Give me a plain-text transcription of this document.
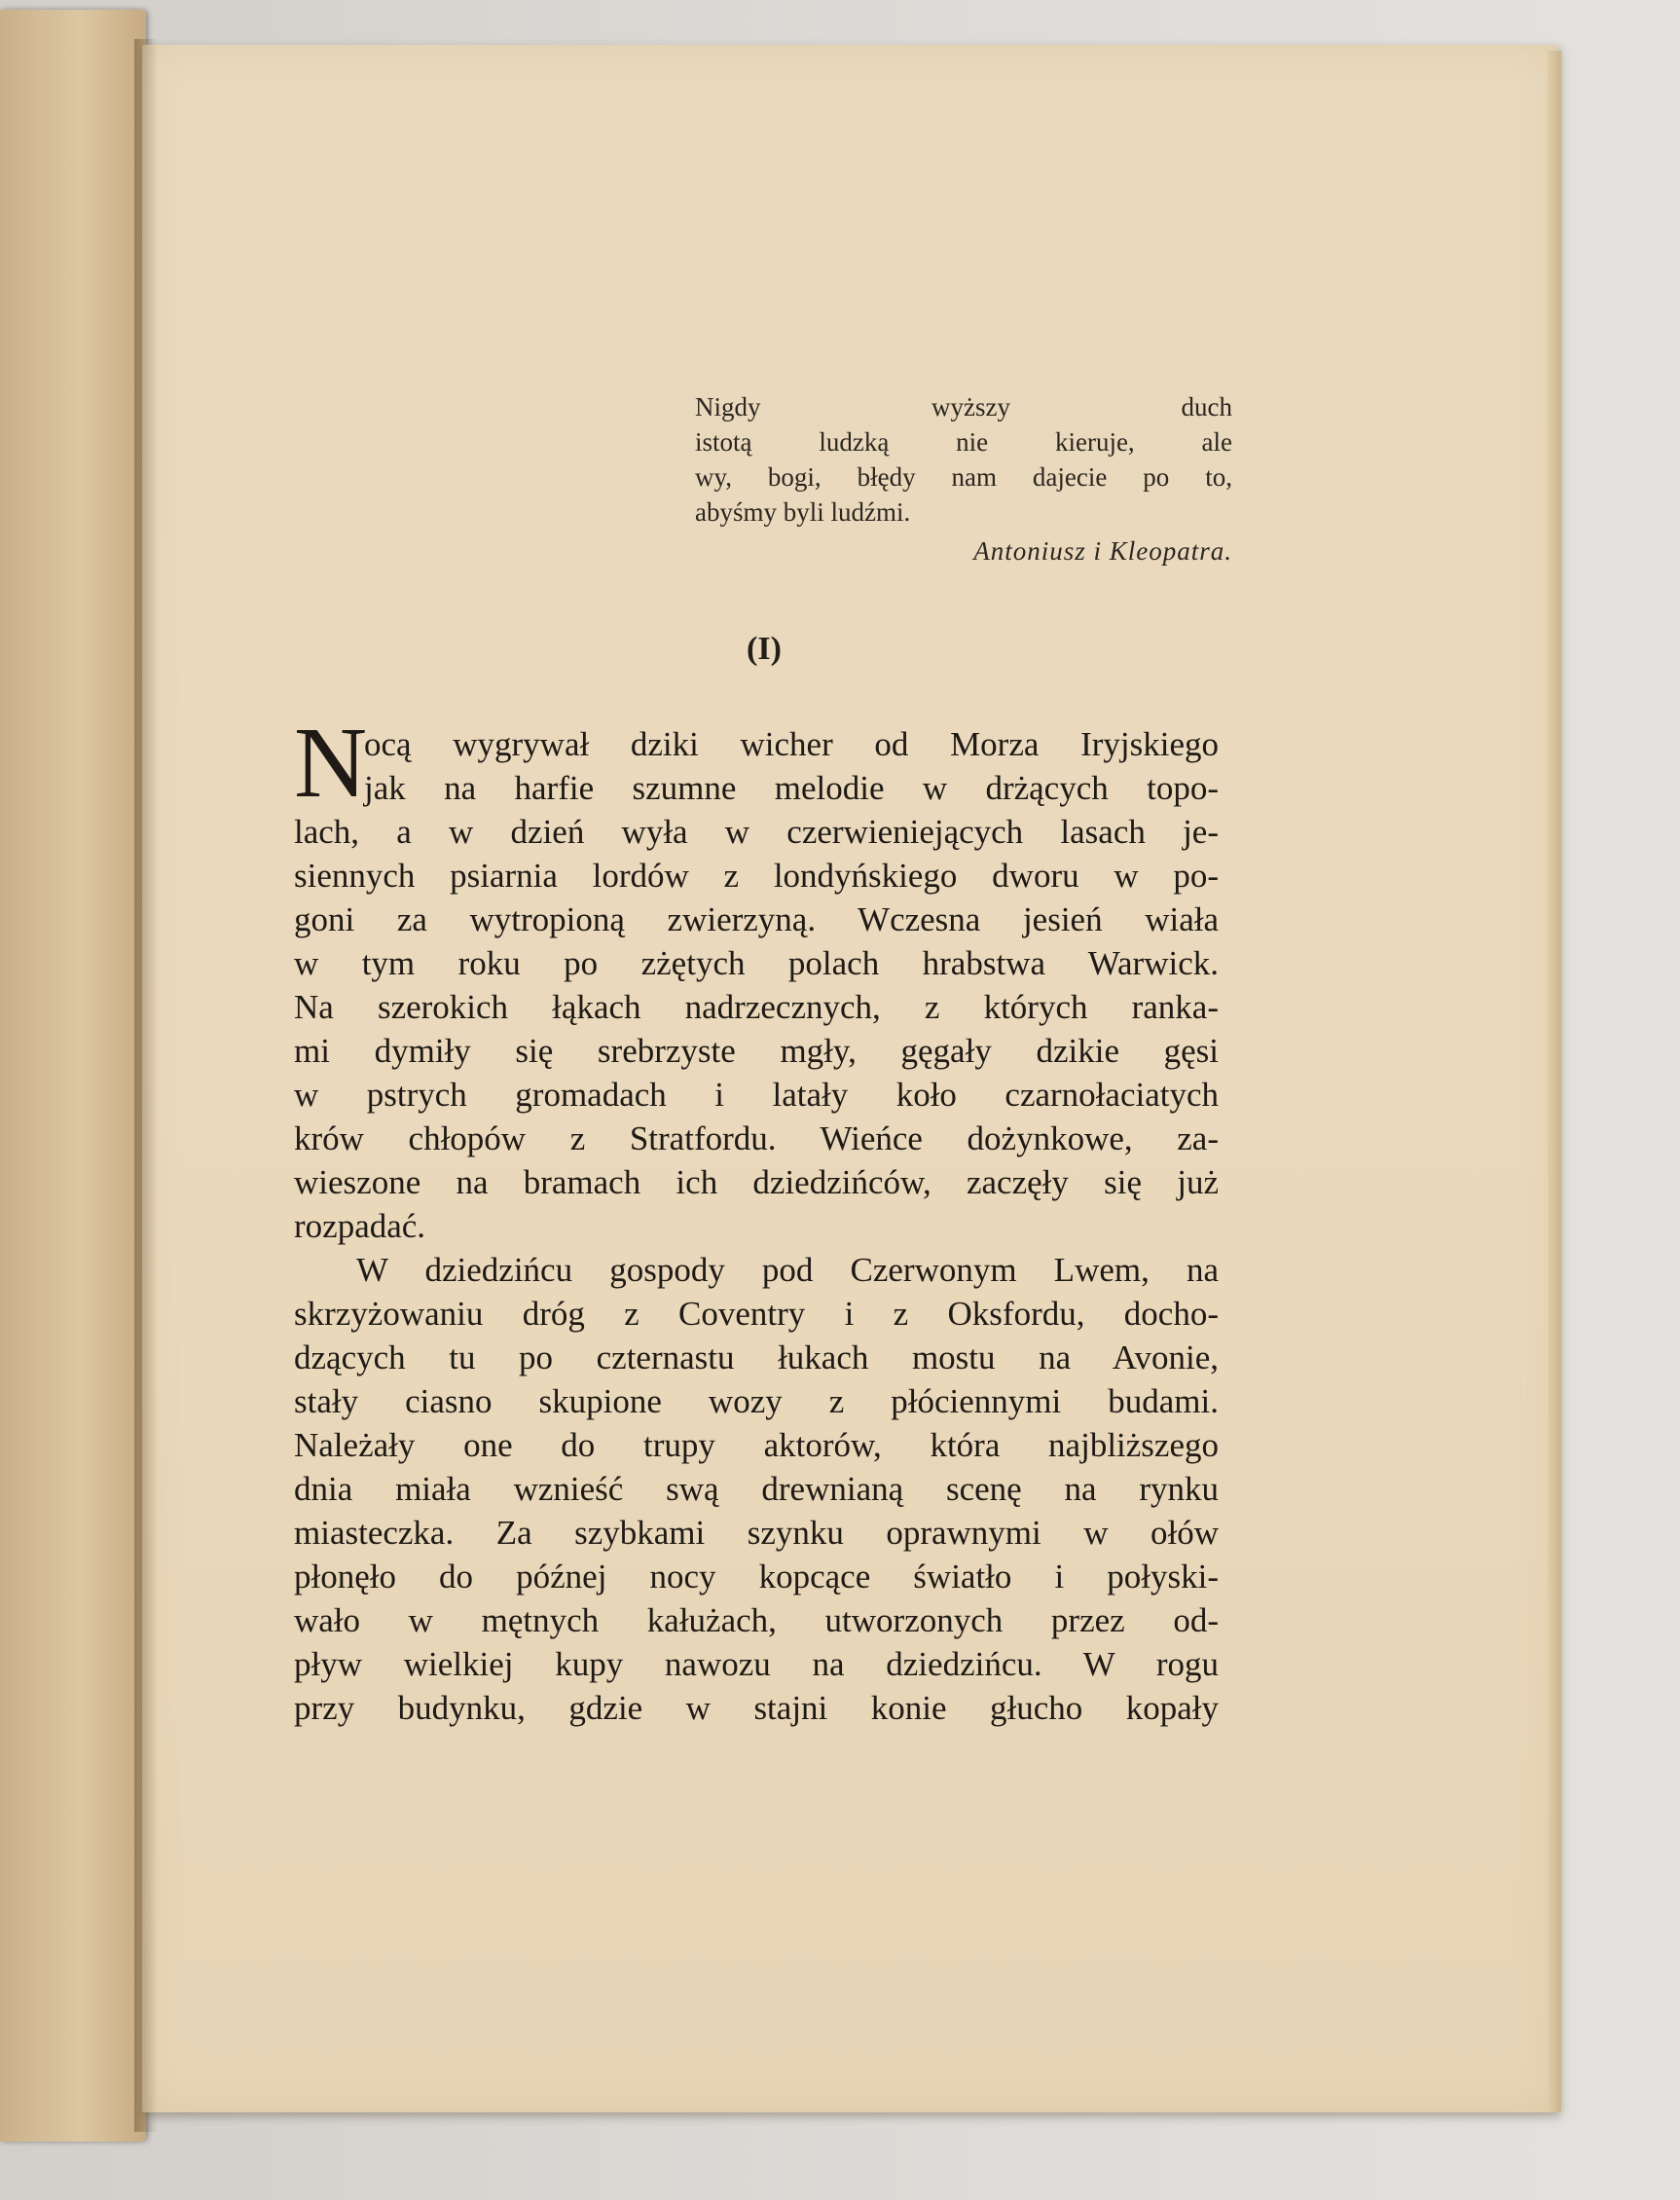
Nigdy wyższy duch
istotą ludzką nie kieruje, ale
wy, bogi, błędy nam dajecie po to,
abyśmy byli ludźmi.
Antoniusz i Kleopatra.
(I)
N
ocą wygrywał dziki wicher od Morza Iryjskiego
jak na harfie szumne melodie w drżących topo-
lach, a w dzień wyła w czerwieniejących lasach je-
siennych psiarnia lordów z londyńskiego dworu w po-
goni za wytropioną zwierzyną. Wczesna jesień wiała
w tym roku po zżętych polach hrabstwa Warwick.
Na szerokich łąkach nadrzecznych, z których ranka-
mi dymiły się srebrzyste mgły, gęgały dzikie gęsi
w pstrych gromadach i latały koło czarnołaciatych
krów chłopów z Stratfordu. Wieńce dożynkowe, za-
wieszone na bramach ich dziedzińców, zaczęły się już
rozpadać.
W dziedzińcu gospody pod Czerwonym Lwem, na
skrzyżowaniu dróg z Coventry i z Oksfordu, docho-
dzących tu po czternastu łukach mostu na Avonie,
stały ciasno skupione wozy z płóciennymi budami.
Należały one do trupy aktorów, która najbliższego
dnia miała wznieść swą drewnianą scenę na rynku
miasteczka. Za szybkami szynku oprawnymi w ołów
płonęło do późnej nocy kopcące światło i połyski-
wało w mętnych kałużach, utworzonych przez od-
pływ wielkiej kupy nawozu na dziedzińcu. W rogu
przy budynku, gdzie w stajni konie głucho kopały
